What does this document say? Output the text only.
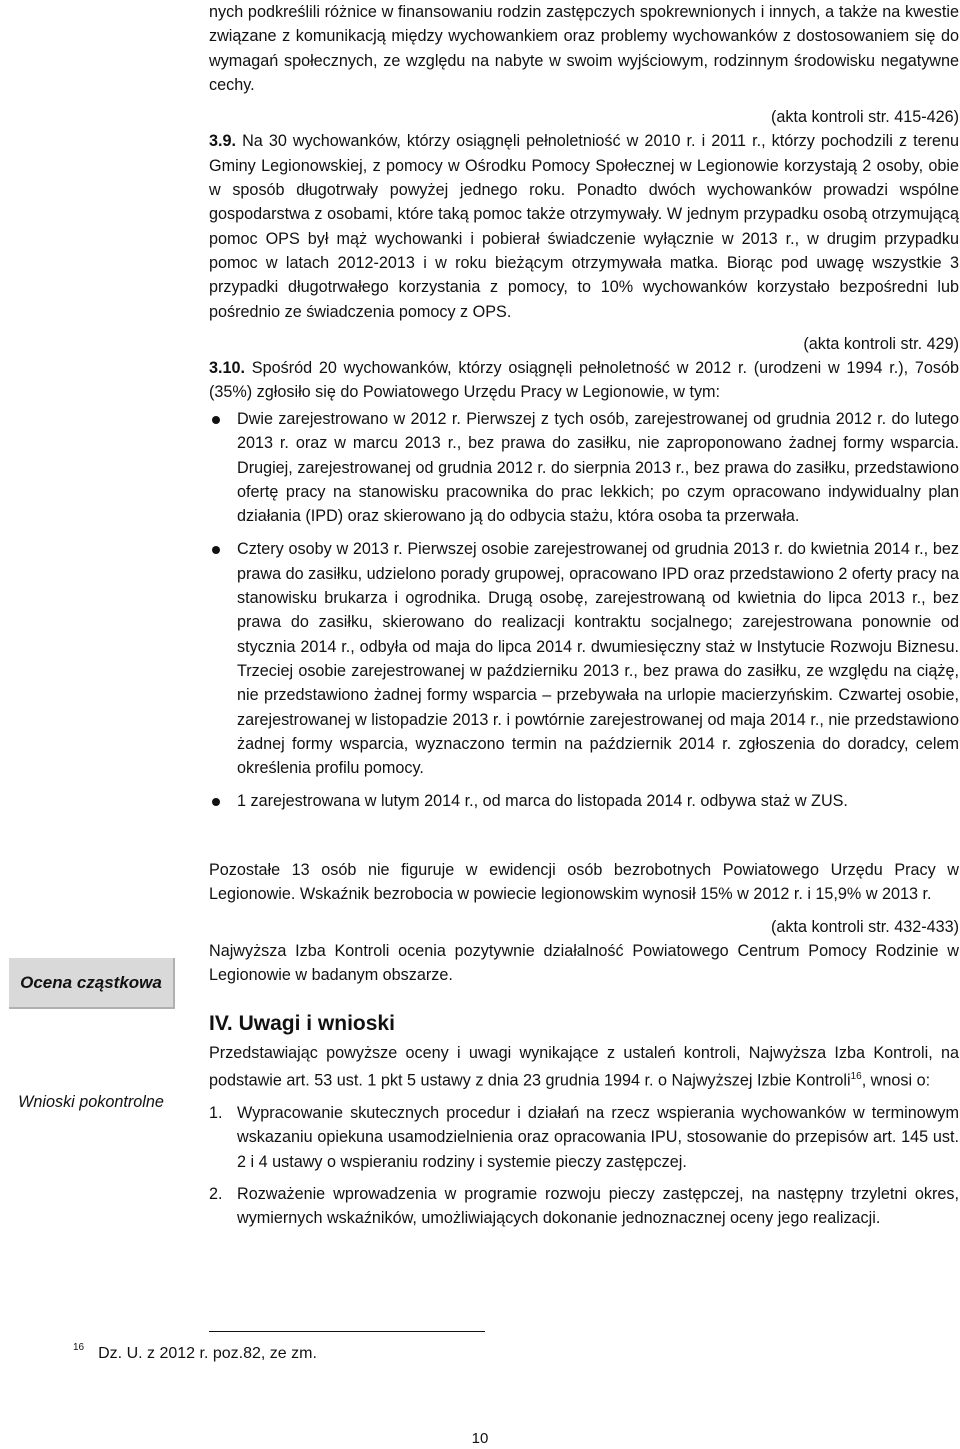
nych podkreślili różnice w finansowaniu rodzin zastępczych spokrewnionych i innych, a także na kwestie związane z komunikacją między wychowankiem oraz problemy wychowanków z dostosowaniem się do wymagań społecznych, ze względu na nabyte w swoim wyjściowym, rodzinnym środowisku negatywne cechy.

(akta kontroli str. 415-426)

3.9. Na 30 wychowanków, którzy osiągnęli pełnoletniość w 2010 r. i 2011 r., którzy pochodzili z terenu Gminy Legionowskiej, z pomocy w Ośrodku Pomocy Społecznej w Legionowie korzystają 2 osoby, obie w sposób długotrwały powyżej jednego roku. Ponadto dwóch wychowanków prowadzi wspólne gospodarstwa z osobami, które taką pomoc także otrzymywały. W jednym przypadku osobą otrzymującą pomoc OPS był mąż wychowanki i pobierał świadczenie wyłącznie w 2013 r., w drugim przypadku pomoc w latach 2012-2013 i w roku bieżącym otrzymywała matka. Biorąc pod uwagę wszystkie 3 przypadki długotrwałego korzystania z pomocy, to 10% wychowanków korzystało bezpośredni lub pośrednio ze świadczenia pomocy z OPS.

(akta kontroli str. 429)

3.10. Spośród 20 wychowanków, którzy osiągnęli pełnoletność w 2012 r. (urodzeni w 1994 r.), 7osób (35%) zgłosiło się do Powiatowego Urzędu Pracy w Legionowie, w tym:

Dwie zarejestrowano w 2012 r. Pierwszej z tych osób, zarejestrowanej od grudnia 2012 r. do lutego 2013 r. oraz w marcu 2013 r., bez prawa do zasiłku, nie zaproponowano żadnej formy wsparcia. Drugiej, zarejestrowanej od grudnia 2012 r. do sierpnia 2013 r., bez prawa do zasiłku, przedstawiono ofertę pracy na stanowisku pracownika do prac lekkich; po czym opracowano indywidualny plan działania (IPD) oraz skierowano ją do odbycia stażu, która osoba ta przerwała.
Cztery osoby w 2013 r. Pierwszej osobie zarejestrowanej od grudnia 2013 r. do kwietnia 2014 r., bez prawa do zasiłku, udzielono porady grupowej, opracowano IPD oraz przedstawiono 2 oferty pracy na stanowisku brukarza i ogrodnika. Drugą osobę, zarejestrowaną od kwietnia do lipca 2013 r., bez prawa do zasiłku, skierowano do realizacji kontraktu socjalnego; zarejestrowana ponownie od stycznia 2014 r., odbyła od maja do lipca 2014 r. dwumiesięczny staż w Instytucie Rozwoju Biznesu. Trzeciej osobie zarejestrowanej w październiku 2013 r., bez prawa do zasiłku, ze względu na ciążę, nie przedstawiono żadnej formy wsparcia – przebywała na urlopie macierzyńskim. Czwartej osobie, zarejestrowanej w listopadzie 2013 r. i powtórnie zarejestrowanej od maja 2014 r., nie przedstawiono żadnej formy wsparcia, wyznaczono termin na październik 2014 r. zgłoszenia do doradcy, celem określenia profilu pomocy.
1 zarejestrowana w lutym 2014 r., od marca do listopada 2014 r. odbywa staż w ZUS.

Pozostałe 13 osób nie figuruje w ewidencji osób bezrobotnych Powiatowego Urzędu Pracy w Legionowie. Wskaźnik bezrobocia w powiecie legionowskim wynosił 15% w 2012 r. i 15,9% w 2013 r.

(akta kontroli str. 432-433)

Najwyższa Izba Kontroli ocenia pozytywnie działalność Powiatowego Centrum Pomocy Rodzinie w Legionowie w badanym obszarze.

IV. Uwagi i wnioski

Przedstawiając powyższe oceny i uwagi wynikające z ustaleń kontroli, Najwyższa Izba Kontroli, na podstawie art. 53 ust. 1 pkt 5 ustawy z dnia 23 grudnia 1994 r. o Najwyższej Izbie Kontroli$^{16}$, wnosi o:

1. Wypracowanie skutecznych procedur i działań na rzecz wspierania wychowanków w terminowym wskazaniu opiekuna usamodzielnienia oraz opracowania IPU, stosowanie do przepisów art. 145 ust. 2 i 4 ustawy o wspieraniu rodziny i systemie pieczy zastępczej.
2. Rozważenie wprowadzenia w programie rozwoju pieczy zastępczej, na następny trzyletni okres, wymiernych wskaźników, umożliwiających dokonanie jednoznacznej oceny jego realizacji.
Ocena cząstkowa
Wnioski pokontrolne
$^{16}$ Dz. U. z 2012 r. poz.82, ze zm.
10
